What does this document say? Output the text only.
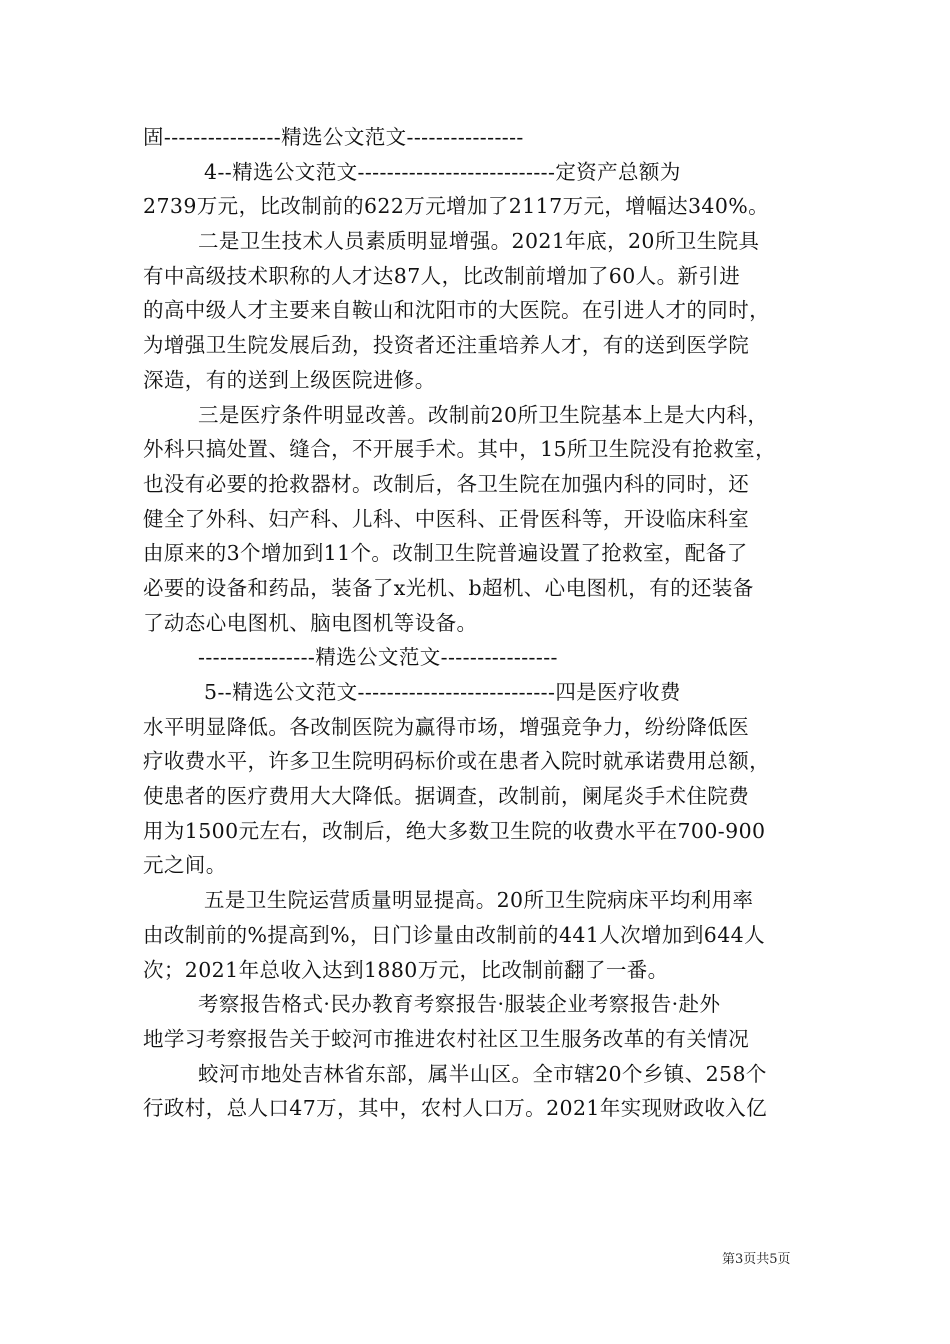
固----------------精选公文范文----------------
4--精选公文范文---------------------------定资产总额为
2739万元，比改制前的622万元增加了2117万元，增幅达340%。
二是卫生技术人员素质明显增强。2021年底，20所卫生院具
有中高级技术职称的人才达87人，比改制前增加了60人。新引进
的高中级人才主要来自鞍山和沈阳市的大医院。在引进人才的同时，
为增强卫生院发展后劲，投资者还注重培养人才，有的送到医学院
深造，有的送到上级医院进修。
三是医疗条件明显改善。改制前20所卫生院基本上是大内科，
外科只搞处置、缝合，不开展手术。其中，15所卫生院没有抢救室，
也没有必要的抢救器材。改制后，各卫生院在加强内科的同时，还
健全了外科、妇产科、儿科、中医科、正骨医科等，开设临床科室
由原来的3个增加到11个。改制卫生院普遍设置了抢救室，配备了
必要的设备和药品，装备了x光机、b超机、心电图机，有的还装备
了动态心电图机、脑电图机等设备。
----------------精选公文范文----------------
5--精选公文范文---------------------------四是医疗收费
水平明显降低。各改制医院为赢得市场，增强竞争力，纷纷降低医
疗收费水平，许多卫生院明码标价或在患者入院时就承诺费用总额，
使患者的医疗费用大大降低。据调查，改制前，阑尾炎手术住院费
用为1500元左右，改制后，绝大多数卫生院的收费水平在700-900
元之间。
五是卫生院运营质量明显提高。20所卫生院病床平均利用率
由改制前的%提高到%，日门诊量由改制前的441人次增加到644人
次；2021年总收入达到1880万元，比改制前翻了一番。
考察报告格式·民办教育考察报告·服装企业考察报告·赴外
地学习考察报告关于蛟河市推进农村社区卫生服务改革的有关情况
蛟河市地处吉林省东部，属半山区。全市辖20个乡镇、258个
行政村，总人口47万，其中，农村人口万。2021年实现财政收入亿
第3页共5页
